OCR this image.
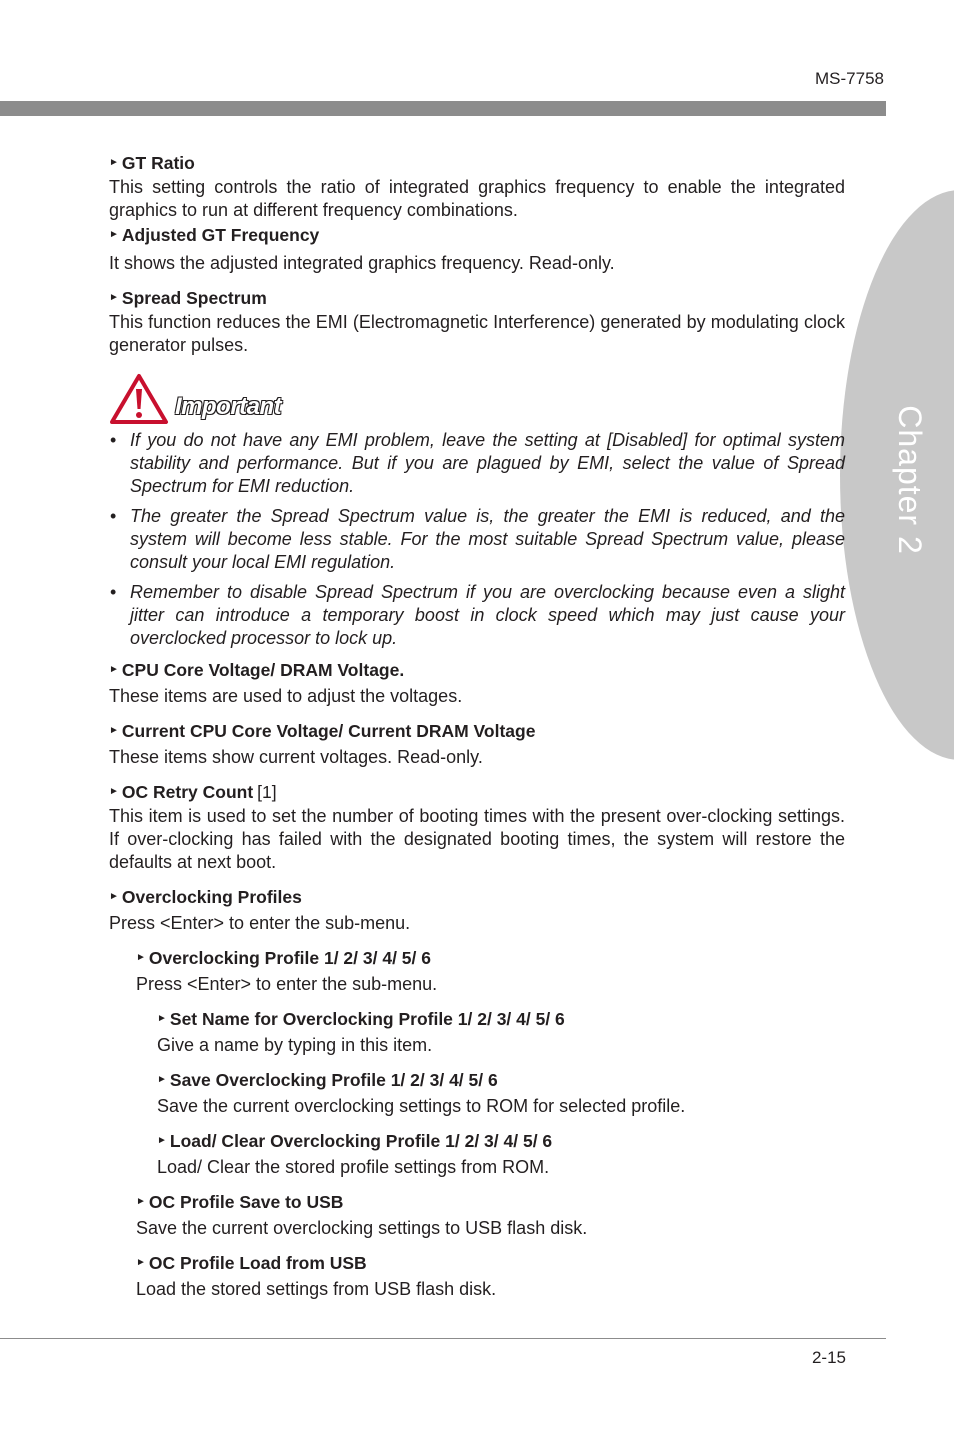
MS-7758
Chapter 2
► GT Ratio

This setting controls the ratio of integrated graphics frequency to enable the integrated graphics to run at different frequency combinations.

► Adjusted GT Frequency

It shows the adjusted integrated graphics frequency. Read-only.

► Spread Spectrum

This function reduces the EMI (Electromagnetic Interference) generated by modulating clock generator pulses.

Important
• If you do not have any EMI problem, leave the setting at [Disabled] for optimal system stability and performance. But if you are plagued by EMI, select the value of Spread Spectrum for EMI reduction.
• The greater the Spread Spectrum value is, the greater the EMI is reduced, and the system will become less stable. For the most suitable Spread Spectrum value, please consult your local EMI regulation.
• Remember to disable Spread Spectrum if you are overclocking because even a slight jitter can introduce a temporary boost in clock speed which may just cause your overclocked processor to lock up.
► CPU Core Voltage/ DRAM Voltage.

These items are used to adjust the voltages.

► Current CPU Core Voltage/ Current DRAM Voltage

These items show current voltages. Read-only.

► OC Retry Count [1]

This item is used to set the number of booting times with the present over-clocking settings. If over-clocking has failed with the designated booting times, the system will restore the defaults at next boot.

► Overclocking Profiles

Press <Enter> to enter the sub-menu.

► Overclocking Profile 1/ 2/ 3/ 4/ 5/ 6

Press <Enter> to enter the sub-menu.

► Set Name for Overclocking Profile 1/ 2/ 3/ 4/ 5/ 6

Give a name by typing in this item.

► Save Overclocking Profile 1/ 2/ 3/ 4/ 5/ 6

Save the current overclocking settings to ROM for selected profile.

► Load/ Clear Overclocking Profile 1/ 2/ 3/ 4/ 5/ 6

Load/ Clear the stored profile settings from ROM.

► OC Profile Save to USB

Save the current overclocking settings to USB flash disk.

► OC Profile Load from USB

Load the stored settings from USB flash disk.

2-15
